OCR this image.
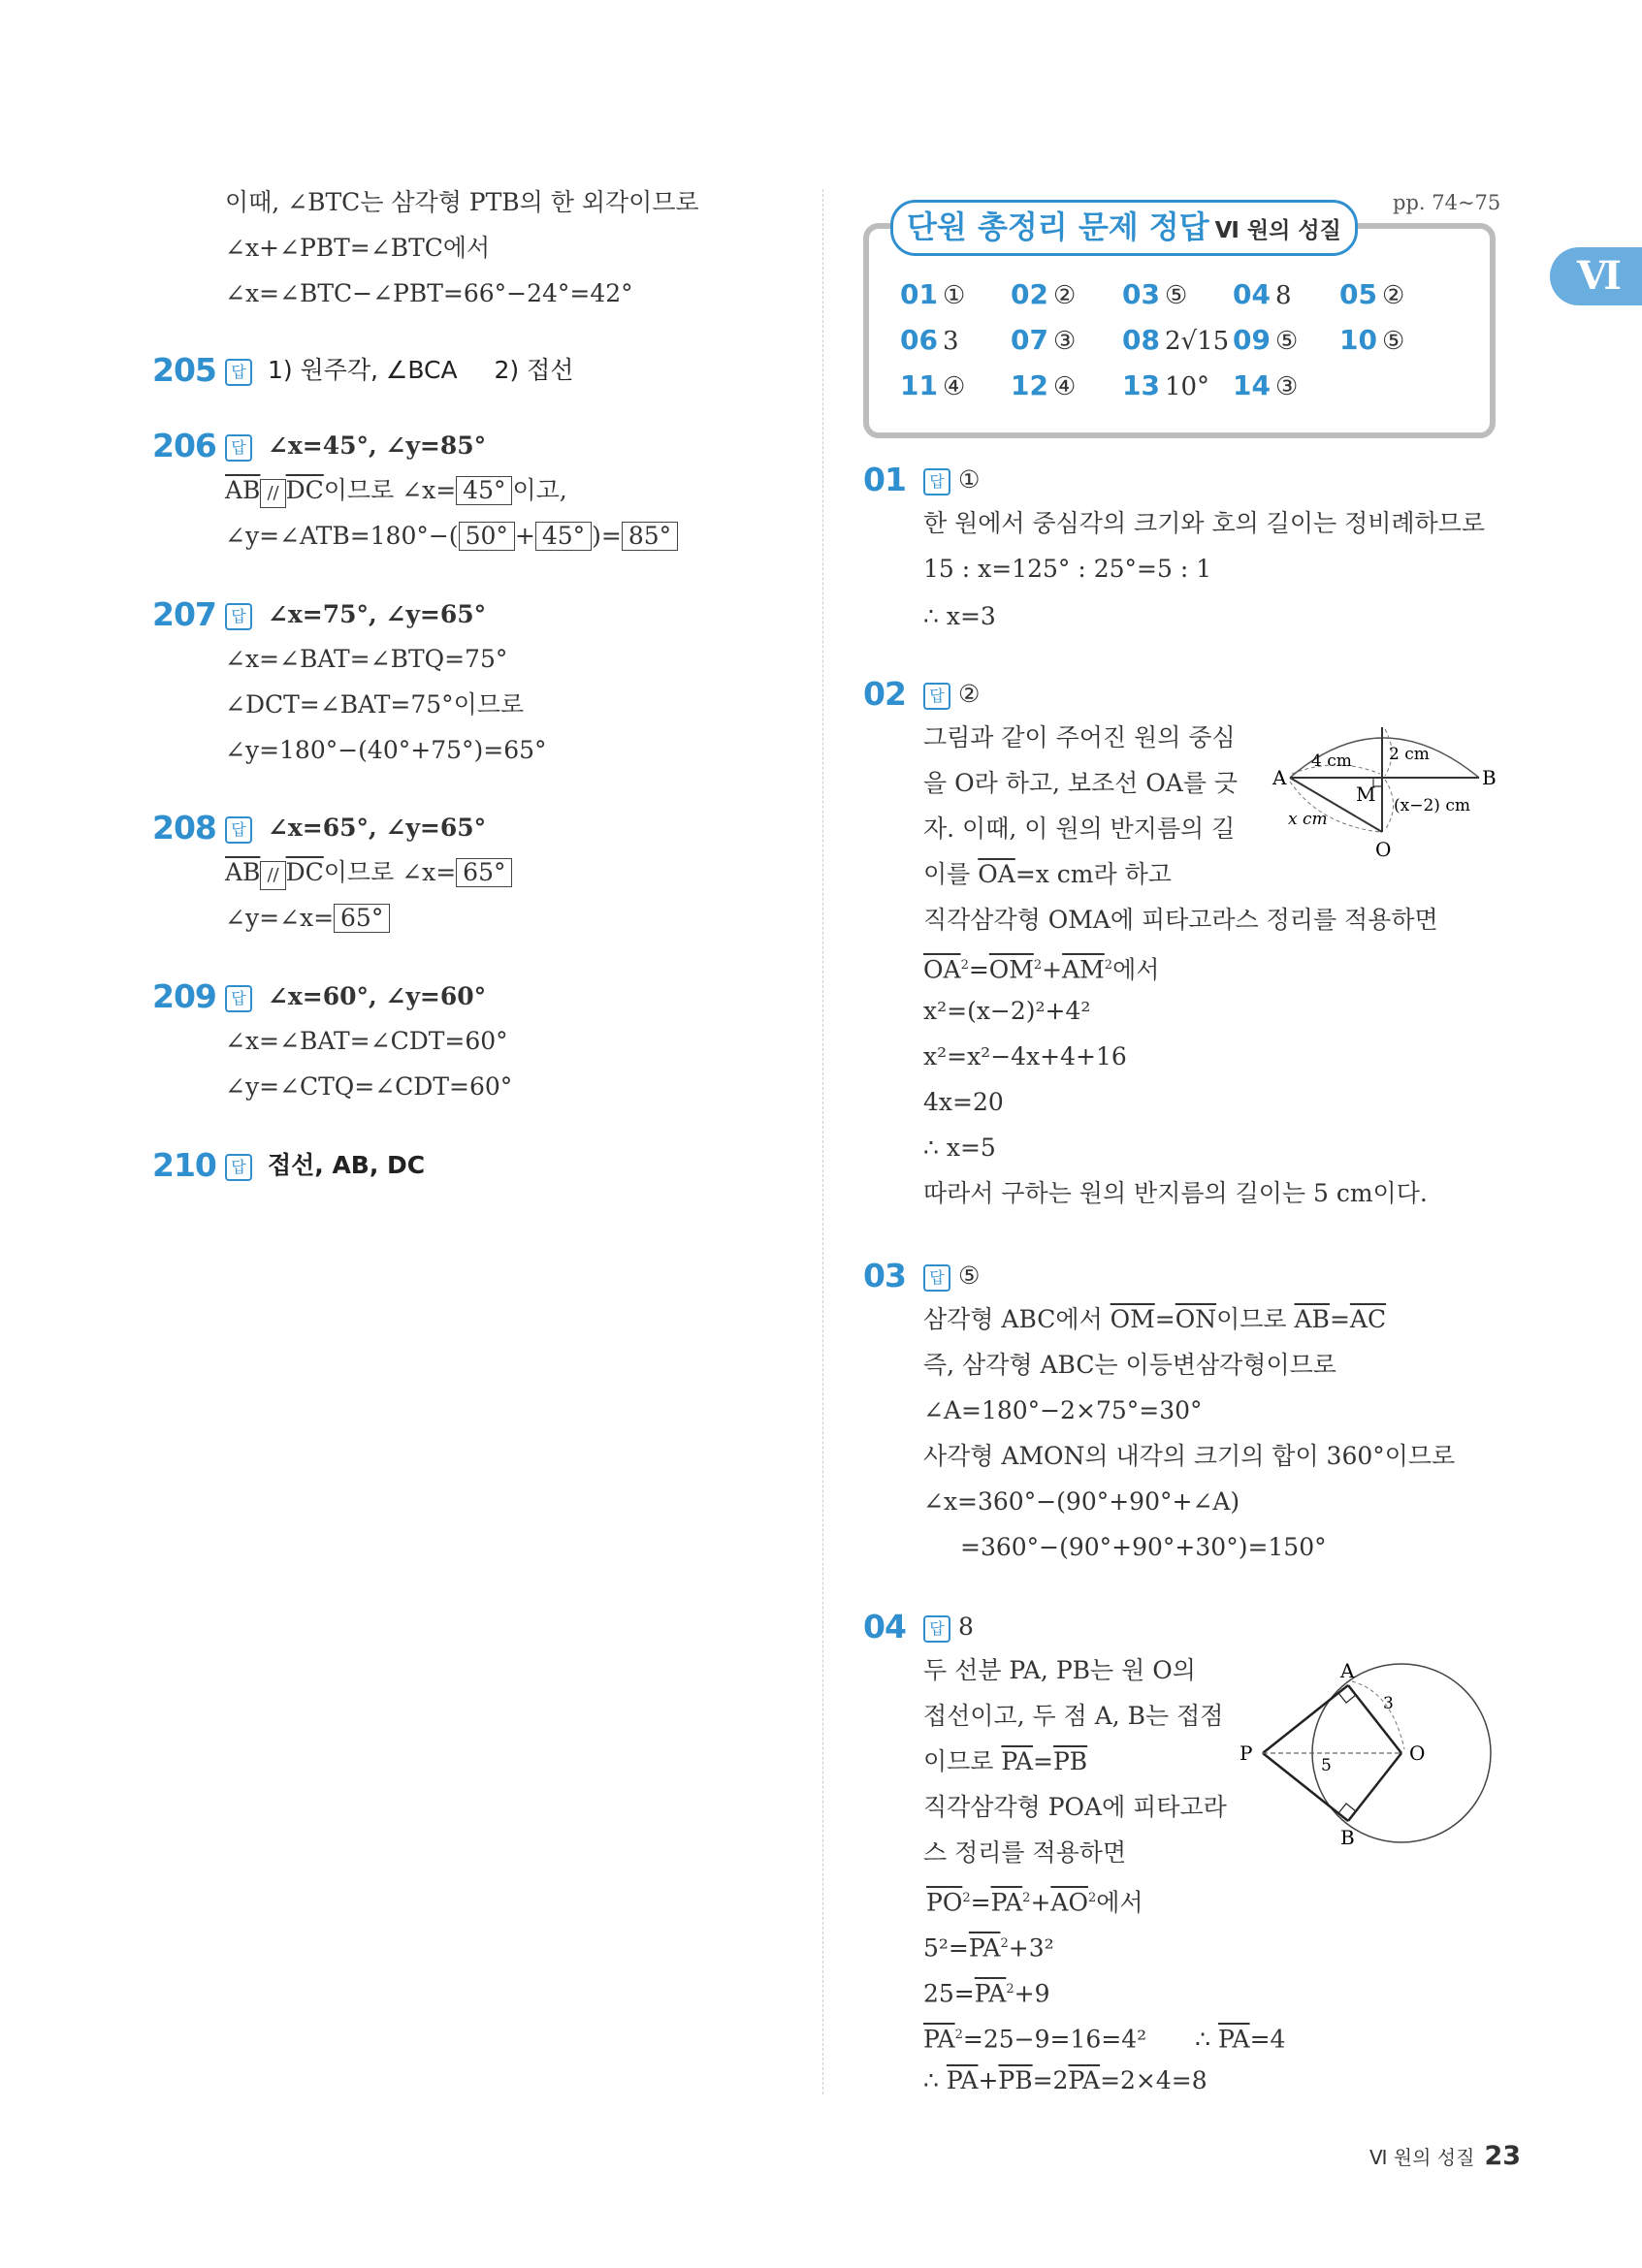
이때, ∠BTC는 삼각형 PTB의 한 외각이므로
∠x+∠PBT=∠BTC에서
∠x=∠BTC−∠PBT=66°−24°=42°
205 답 1) 원주각, ∠BCA 2) 접선
206 답 ∠x=45°, ∠y=85°
$\overline{AB} // \overline{DC}$이므로 ∠x= 45° 이고,
∠y=∠ATB=180°−( 50° + 45° )= 85°
207 답 ∠x=75°, ∠y=65°
∠x=∠BAT=∠BTQ=75°
∠DCT=∠BAT=75°이므로
∠y=180°−(40°+75°)=65°
208 답 ∠x=65°, ∠y=65°
$\overline{AB} // \overline{DC}$이므로 ∠x= 65°
∠y=∠x= 65°
209 답 ∠x=60°, ∠y=60°
∠x=∠BAT=∠CDT=60°
∠y=∠CTQ=∠CDT=60°
210 답 접선, AB, DC
단원 총정리 문제 정답 Ⅵ 원의 성질
pp. 74~75
01 ① 02 ② 03 ⑤ 04 8 05 ②
06 3 07 ③ 08 2√15 09 ⑤ 10 ⑤
11 ④ 12 ④ 13 10° 14 ③
Ⅵ
01	답 ①
한 원에서 중심각의 크기와 호의 길이는 정비례하므로
15 : x=125° : 25°=5 : 1
∴ x=3
02	답 ②
그림과 같이 주어진 원의 중심
을 O라 하고, 보조선 OA를 긋
자. 이때, 이 원의 반지름의 길
이를 $\overline{OA}=x$ cm라 하고
직각삼각형 OMA에 피타고라스 정리를 적용하면
$\overline{OA}^2=\overline{OM}^2+\overline{AM}^2$에서
x²=(x−2)²+4²
x²=x²−4x+4+16
4x=20
∴ x=5
따라서 구하는 원의 반지름의 길이는 5 cm이다.
A	B
M
O
4 cm 2 cm
(x−2) cm
x cm
03	답 ⑤
삼각형 ABC에서 $\overline{OM}=\overline{ON}$이므로 $\overline{AB}=\overline{AC}$
즉, 삼각형 ABC는 이등변삼각형이므로
∠A=180°−2×75°=30°
사각형 AMON의 내각의 크기의 합이 360°이므로
∠x=360°−(90°+90°+∠A)
=360°−(90°+90°+30°)=150°
04	답 8
두 선분 PA, PB는 원 O의
접선이고, 두 점 A, B는 접점
이므로 $\overline{PA}=\overline{PB}$
직각삼각형 POA에 피타고라
스 정리를 적용하면
$\overline{PO}^2=\overline{PA}^2+\overline{AO}^2$에서
$5^2=\overline{PA}^2+3^2$
$25=\overline{PA}^2+9$
$\overline{PA}^2=25-9=16=4^2$ ∴ $\overline{PA}=4$
∴ $\overline{PA}+\overline{PB}=2\overline{PA}=2\times 4=8$
A
B
P	O
3
5
Ⅵ 원의 성질 23
